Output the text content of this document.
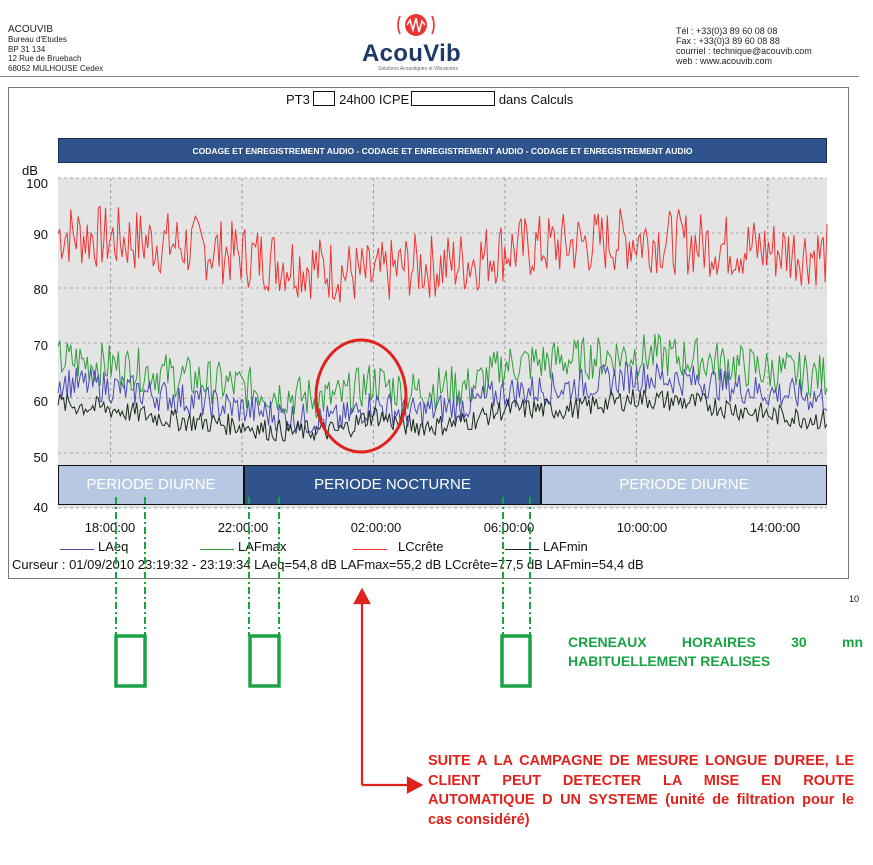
ACOUVIB
Bureau d'Etudes
BP 31 134
12 Rue de Bruebach
68052 MULHOUSE Cedex
AcouVib
Solutions Acoustiques et Vibratoires
Tél : +33(0)3 89 60 08 08
Fax : +33(0)3 89 60 08 88
courriel : technique@acouvib.com
web : www.acouvib.com
PT3 24h00 ICPE	dans Calculs
CODAGE ET ENREGISTREMENT AUDIO - CODAGE ET ENREGISTREMENT AUDIO - CODAGE ET ENREGISTREMENT AUDIO
dB
100
90
80
70
60
50
40
PERIODE DIURNE	PERIODE NOCTURNE	PERIODE DIURNE
18:00:00	22:00:00	02:00:00	06:00:00	10:00:00	14:00:00
LAeq	LAFmax	LCcrête	LAFmin
Curseur : 01/09/2010 23:19:32 - 23:19:34 LAeq=54,8 dB LAFmax=55,2 dB LCcrête=77,5 dB LAFmin=54,4 dB
10
CRENEAUX HORAIRES 30 mn HABITUELLEMENT REALISES
SUITE A LA CAMPAGNE DE MESURE LONGUE DUREE, LE CLIENT PEUT DETECTER LA MISE EN ROUTE AUTOMATIQUE D UN SYSTEME (unité de filtration pour le cas considéré)
